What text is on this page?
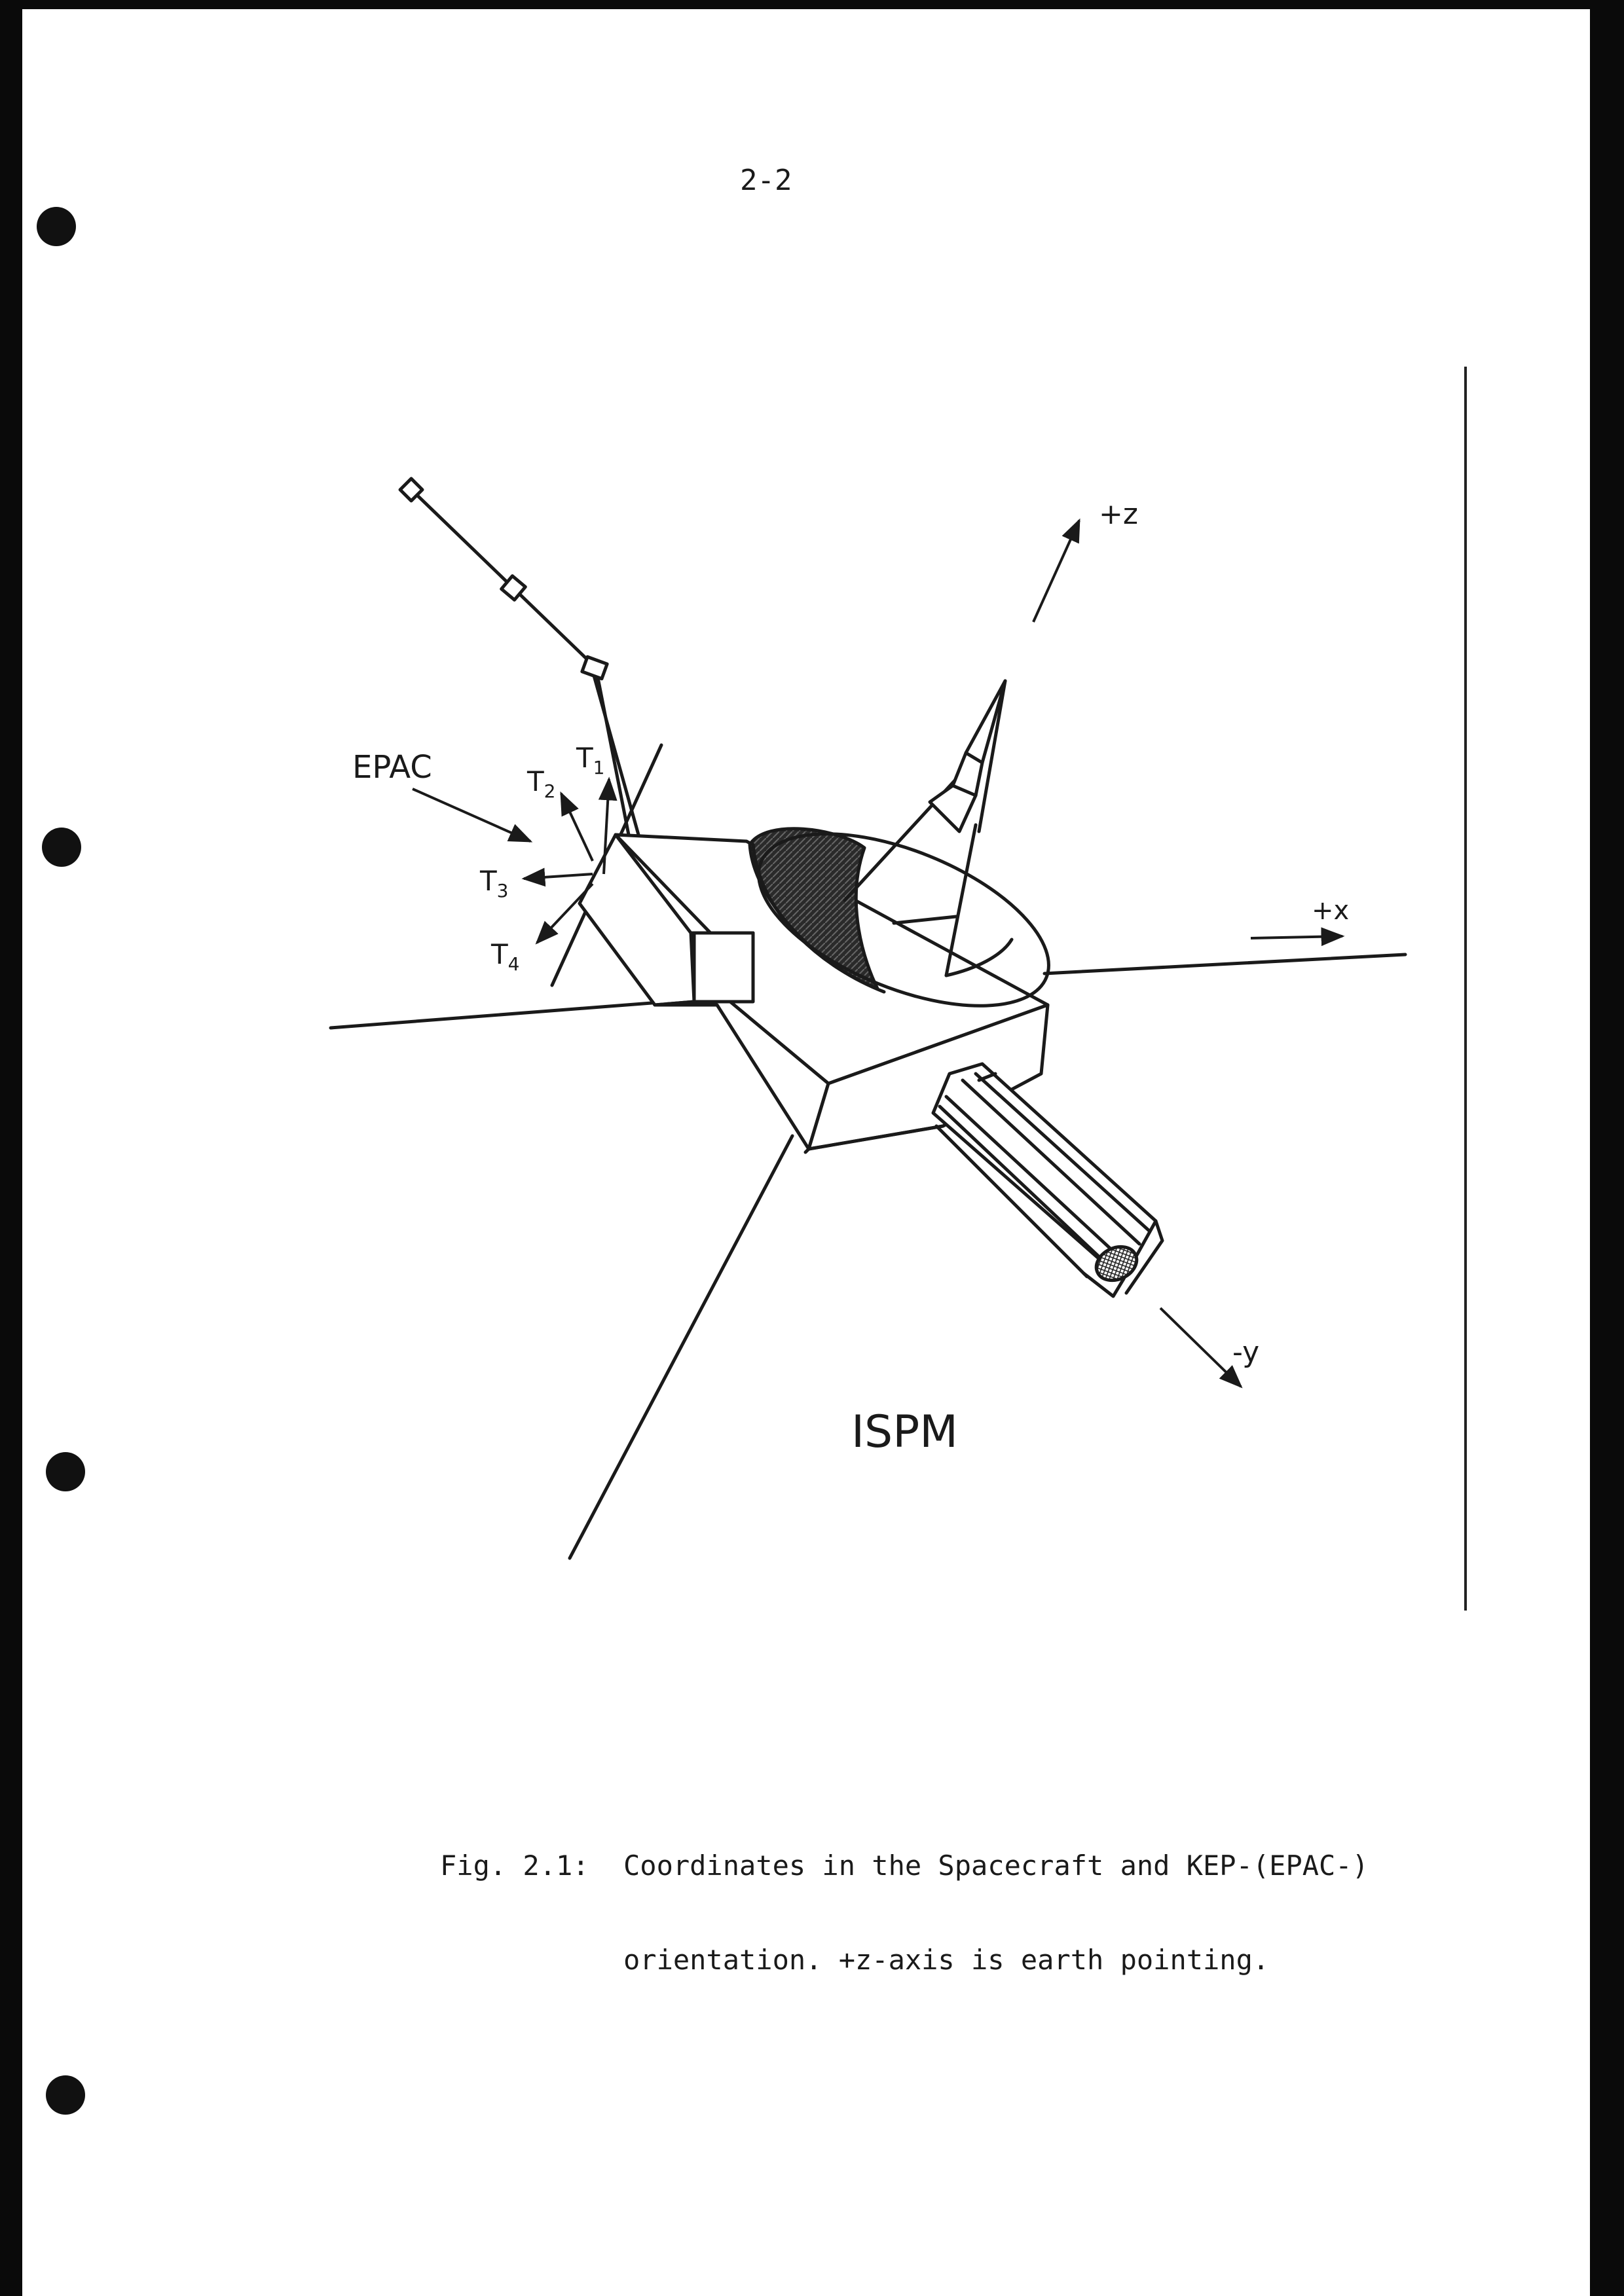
2-2
EPAC
+z
+x
-y
$T_1$
$T_2$
$T_3$
$T_4$
ISPM

Fig. 2.1: Coordinates in the Spacecraft and KEP-(EPAC-)

orientation. +z-axis is earth pointing.
